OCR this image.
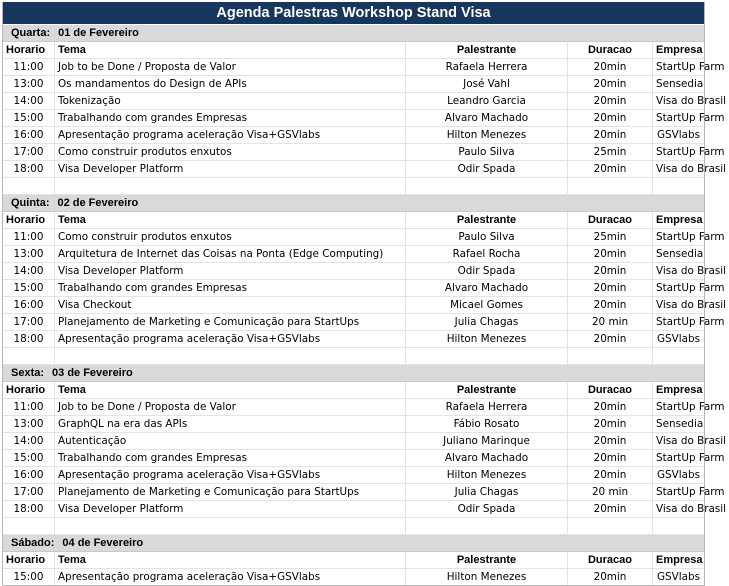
Agenda Palestras Workshop Stand Visa
Quarta: 01 de Fevereiro
Horario	Tema	Palestrante	Duracao	Empresa
11:00	Job to be Done / Proposta de Valor	Rafaela Herrera	20min	StartUp Farm
13:00	Os mandamentos do Design de APIs	José Vahl	20min	Sensedia
14:00	Tokenização	Leandro Garcia	20min	Visa do Brasil
15:00	Trabalhando com grandes Empresas	Alvaro Machado	20min	StartUp Farm
16:00	Apresentação programa aceleração Visa+GSVlabs	Hilton Menezes	20min	GSVlabs
17:00	Como construir produtos enxutos	Paulo Silva	25min	StartUp Farm
18:00	Visa Developer Platform	Odir Spada	20min	Visa do Brasil
Quinta: 02 de Fevereiro
Horario	Tema	Palestrante	Duracao	Empresa
11:00	Como construir produtos enxutos	Paulo Silva	25min	StartUp Farm
13:00	Arquitetura de Internet das Coisas na Ponta (Edge Computing)	Rafael Rocha	20min	Sensedia
14:00	Visa Developer Platform	Odir Spada	20min	Visa do Brasil
15:00	Trabalhando com grandes Empresas	Alvaro Machado	20min	StartUp Farm
16:00	Visa Checkout	Micael Gomes	20min	Visa do Brasil
17:00	Planejamento de Marketing e Comunicação para StartUps	Julia Chagas	20 min	StartUp Farm
18:00	Apresentação programa aceleração Visa+GSVlabs	Hilton Menezes	20min	GSVlabs
Sexta: 03 de Fevereiro
Horario	Tema	Palestrante	Duracao	Empresa
11:00	Job to be Done / Proposta de Valor	Rafaela Herrera	20min	StartUp Farm
13:00	GraphQL na era das APIs	Fábio Rosato	20min	Sensedia
14:00	Autenticação	Juliano Marinque	20min	Visa do Brasil
15:00	Trabalhando com grandes Empresas	Alvaro Machado	20min	StartUp Farm
16:00	Apresentação programa aceleração Visa+GSVlabs	Hilton Menezes	20min	GSVlabs
17:00	Planejamento de Marketing e Comunicação para StartUps	Julia Chagas	20 min	StartUp Farm
18:00	Visa Developer Platform	Odir Spada	20min	Visa do Brasil
Sábado: 04 de Fevereiro
Horario	Tema	Palestrante	Duracao	Empresa
15:00	Apresentação programa aceleração Visa+GSVlabs	Hilton Menezes	20min	GSVlabs
